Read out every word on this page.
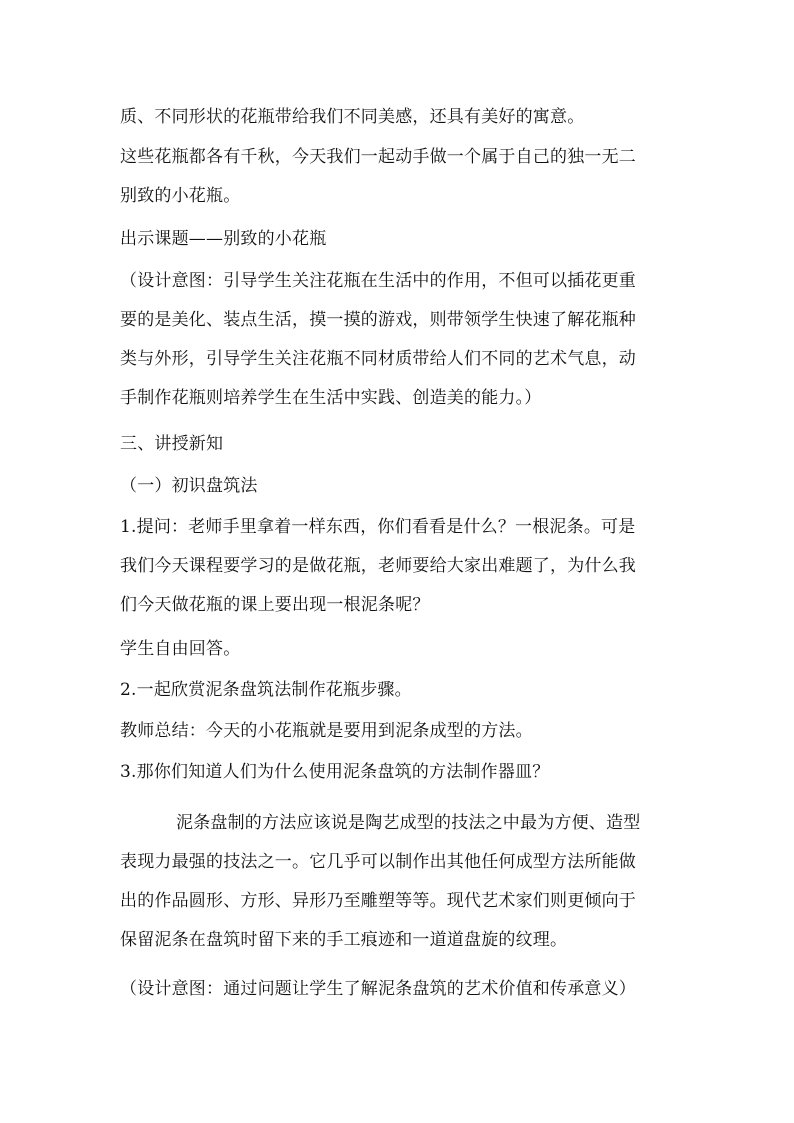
质、不同形状的花瓶带给我们不同美感，还具有美好的寓意。
这些花瓶都各有千秋，今天我们一起动手做一个属于自己的独一无二
别致的小花瓶。
出示课题——别致的小花瓶
（设计意图：引导学生关注花瓶在生活中的作用，不但可以插花更重
要的是美化、装点生活，摸一摸的游戏，则带领学生快速了解花瓶种
类与外形，引导学生关注花瓶不同材质带给人们不同的艺术气息，动
手制作花瓶则培养学生在生活中实践、创造美的能力。）
三、讲授新知
（一）初识盘筑法
1.提问：老师手里拿着一样东西，你们看看是什么？一根泥条。可是
我们今天课程要学习的是做花瓶，老师要给大家出难题了，为什么我
们今天做花瓶的课上要出现一根泥条呢？
学生自由回答。
2.一起欣赏泥条盘筑法制作花瓶步骤。
教师总结：今天的小花瓶就是要用到泥条成型的方法。
3.那你们知道人们为什么使用泥条盘筑的方法制作器皿？
泥条盘制的方法应该说是陶艺成型的技法之中最为方便、造型
表现力最强的技法之一。它几乎可以制作出其他任何成型方法所能做
出的作品圆形、方形、异形乃至雕塑等等。现代艺术家们则更倾向于
保留泥条在盘筑时留下来的手工痕迹和一道道盘旋的纹理。
（设计意图：通过问题让学生了解泥条盘筑的艺术价值和传承意义）
